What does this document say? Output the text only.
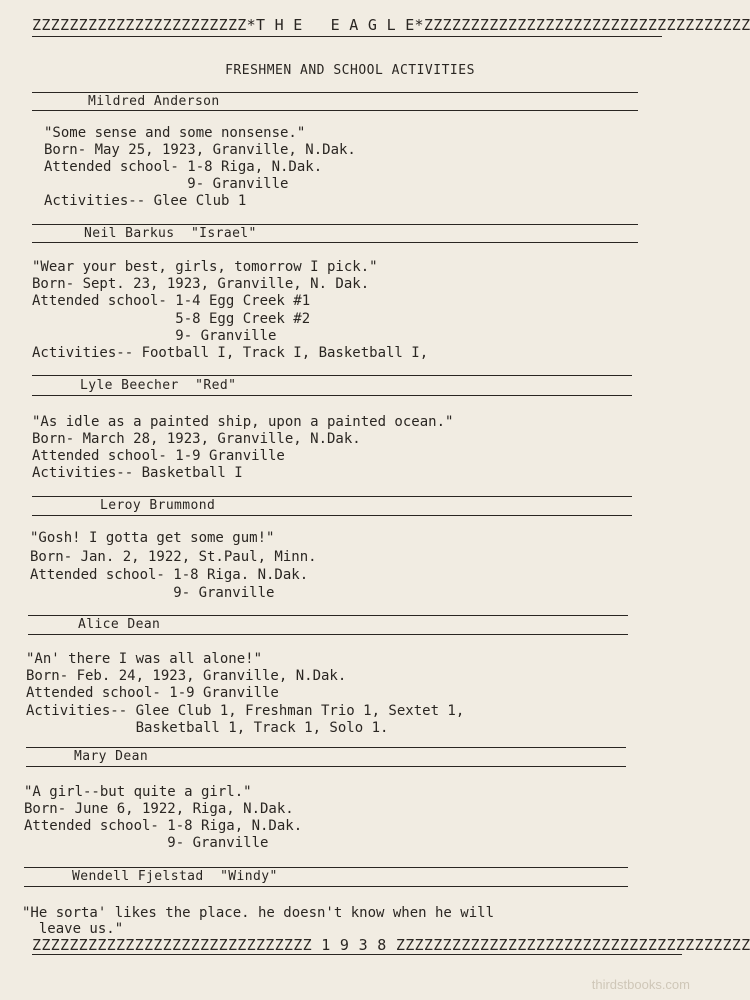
ZZZZZZZZZZZZZZZZZZZZZZZ*T H E   E A G L E*ZZZZZZZZZZZZZZZZZZZZZZZZZZZZZZZZZZZ
FRESHMEN AND SCHOOL ACTIVITIES
Mildred Anderson
"Some sense and some nonsense."
Born- May 25, 1923, Granville, N.Dak.
Attended school- 1-8 Riga, N.Dak.
9- Granville
Activities-- Glee Club 1
Neil Barkus  "Israel"
"Wear your best, girls, tomorrow I pick."
Born- Sept. 23, 1923, Granville, N. Dak.
Attended school- 1-4 Egg Creek #1
5-8 Egg Creek #2
9- Granville
Activities-- Football I, Track I, Basketball I,
Lyle Beecher  "Red"
"As idle as a painted ship, upon a painted ocean."
Born- March 28, 1923, Granville, N.Dak.
Attended school- 1-9 Granville
Activities-- Basketball I
Leroy Brummond
"Gosh! I gotta get some gum!"
Born- Jan. 2, 1922, St.Paul, Minn.
Attended school- 1-8 Riga. N.Dak.
9- Granville
Alice Dean
"An' there I was all alone!"
Born- Feb. 24, 1923, Granville, N.Dak.
Attended school- 1-9 Granville
Activities-- Glee Club 1, Freshman Trio 1, Sextet 1,
Basketball 1, Track 1, Solo 1.
Mary Dean
"A girl--but quite a girl."
Born- June 6, 1922, Riga, N.Dak.
Attended school- 1-8 Riga, N.Dak.
9- Granville
Wendell Fjelstad  "Windy"
"He sorta' likes the place. he doesn't know when he will
leave us."
ZZZZZZZZZZZZZZZZZZZZZZZZZZZZZZ 1 9 3 8 ZZZZZZZZZZZZZZZZZZZZZZZZZZZZZZZZZZZZZZ
thirdstbooks.com
